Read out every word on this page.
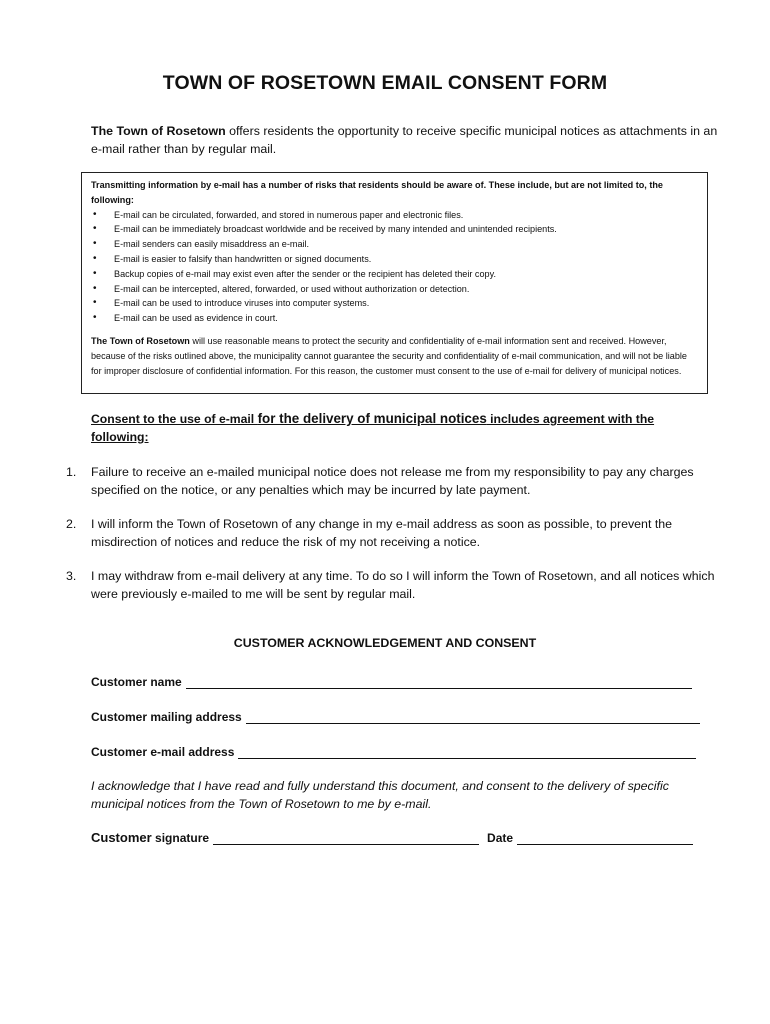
TOWN OF ROSETOWN EMAIL CONSENT FORM
The Town of Rosetown offers residents the opportunity to receive specific municipal notices as attachments in an e-mail rather than by regular mail.
Transmitting information by e-mail has a number of risks that residents should be aware of. These include, but are not limited to, the following:
• E-mail can be circulated, forwarded, and stored in numerous paper and electronic files.
• E-mail can be immediately broadcast worldwide and be received by many intended and unintended recipients.
• E-mail senders can easily misaddress an e-mail.
• E-mail is easier to falsify than handwritten or signed documents.
• Backup copies of e-mail may exist even after the sender or the recipient has deleted their copy.
• E-mail can be intercepted, altered, forwarded, or used without authorization or detection.
• E-mail can be used to introduce viruses into computer systems.
• E-mail can be used as evidence in court.
The Town of Rosetown will use reasonable means to protect the security and confidentiality of e-mail information sent and received. However, because of the risks outlined above, the municipality cannot guarantee the security and confidentiality of e-mail communication, and will not be liable for improper disclosure of confidential information. For this reason, the customer must consent to the use of e-mail for delivery of municipal notices.
Consent to the use of e-mail for the delivery of municipal notices includes agreement with the following:
1. Failure to receive an e-mailed municipal notice does not release me from my responsibility to pay any charges specified on the notice, or any penalties which may be incurred by late payment.
2. I will inform the Town of Rosetown of any change in my e-mail address as soon as possible, to prevent the misdirection of notices and reduce the risk of my not receiving a notice.
3. I may withdraw from e-mail delivery at any time. To do so I will inform the Town of Rosetown, and all notices which were previously e-mailed to me will be sent by regular mail.
CUSTOMER ACKNOWLEDGEMENT AND CONSENT
Customer name
Customer mailing address
Customer e-mail address
I acknowledge that I have read and fully understand this document, and consent to the delivery of specific municipal notices from the Town of Rosetown to me by e-mail.
Customer signature	Date
